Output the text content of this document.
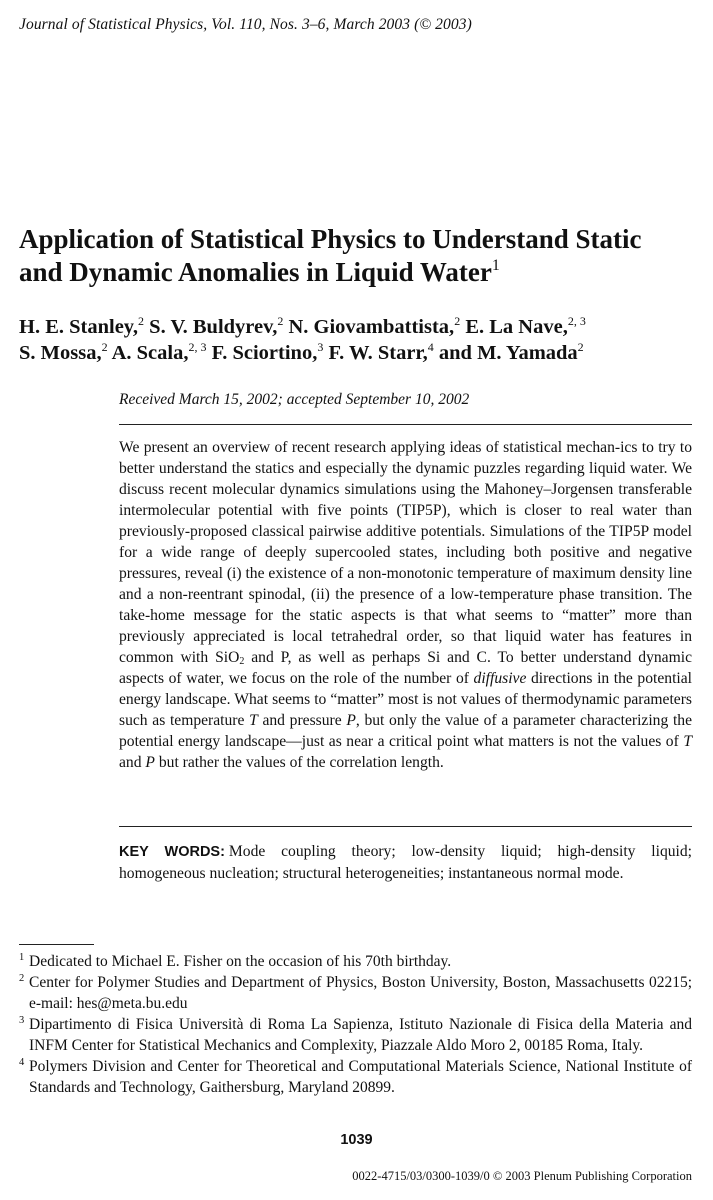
Journal of Statistical Physics, Vol. 110, Nos. 3–6, March 2003 (© 2003)
Application of Statistical Physics to Understand Static
and Dynamic Anomalies in Liquid Water$^1$
H. E. Stanley,$^2$ S. V. Buldyrev,$^2$ N. Giovambattista,$^2$ E. La Nave,$^{2, 3}$
S. Mossa,$^2$ A. Scala,$^{2, 3}$ F. Sciortino,$^3$ F. W. Starr,$^4$ and M. Yamada$^2$
Received March 15, 2002; accepted September 10, 2002

We present an overview of recent research applying ideas of statistical mechan-ics to try to better understand the statics and especially the dynamic puzzles regarding liquid water. We discuss recent molecular dynamics simulations using the Mahoney–Jorgensen transferable intermolecular potential with five points (TIP5P), which is closer to real water than previously-proposed classical pairwise additive potentials. Simulations of the TIP5P model for a wide range of deeply supercooled states, including both positive and negative pressures, reveal (i) the existence of a non-monotonic temperature of maximum density line and a non-reentrant spinodal, (ii) the presence of a low-temperature phase transition. The take-home message for the static aspects is that what seems to “matter” more than previously appreciated is local tetrahedral order, so that liquid water has features in common with SiO$_2$ and P, as well as perhaps Si and C. To better understand dynamic aspects of water, we focus on the role of the number of diffusive directions in the potential energy landscape. What seems to “matter” most is not values of thermodynamic parameters such as temperature T and pressure P, but only the value of a parameter characterizing the potential energy landscape—just as near a critical point what matters is not the values of T and P but rather the values of the correlation length.

KEY WORDS: Mode coupling theory; low-density liquid; high-density liquid; homogeneous nucleation; structural heterogeneities; instantaneous normal mode.

1 Dedicated to Michael E. Fisher on the occasion of his 70th birthday.

2 Center for Polymer Studies and Department of Physics, Boston University, Boston, Massachusetts 02215; e-mail: hes@meta.bu.edu

3 Dipartimento di Fisica Università di Roma La Sapienza, Istituto Nazionale di Fisica della Materia and INFM Center for Statistical Mechanics and Complexity, Piazzale Aldo Moro 2, 00185 Roma, Italy.

4 Polymers Division and Center for Theoretical and Computational Materials Science, National Institute of Standards and Technology, Gaithersburg, Maryland 20899.

1039
0022-4715/03/0300-1039/0 © 2003 Plenum Publishing Corporation
